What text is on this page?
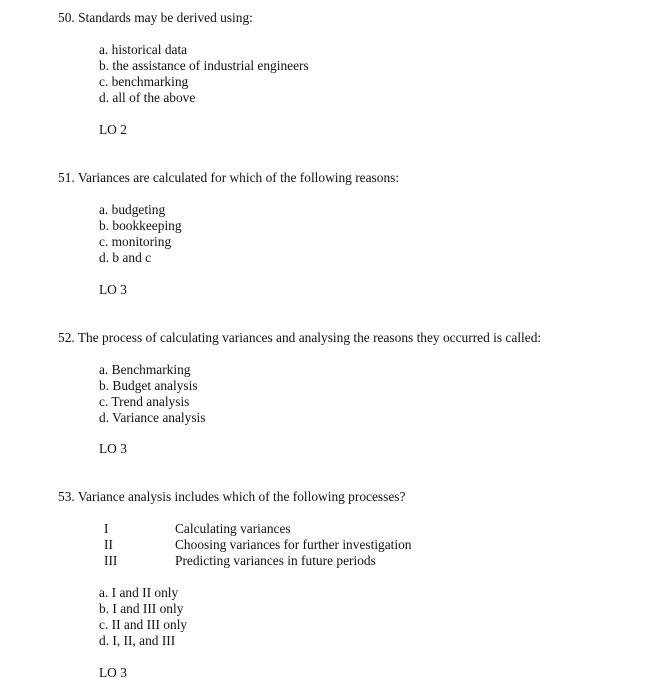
50. Standards may be derived using:
a. historical data
b. the assistance of industrial engineers
c. benchmarking
d. all of the above
LO 2
51. Variances are calculated for which of the following reasons:
a. budgeting
b. bookkeeping
c. monitoring
d. b and c
LO 3
52. The process of calculating variances and analysing the reasons they occurred is called:
a. Benchmarking
b. Budget analysis
c. Trend analysis
d. Variance analysis
LO 3
53. Variance analysis includes which of the following processes?
I	Calculating variances
II	Choosing variances for further investigation
III	Predicting variances in future periods
a. I and II only
b. I and III only
c. II and III only
d. I, II, and III
LO 3
